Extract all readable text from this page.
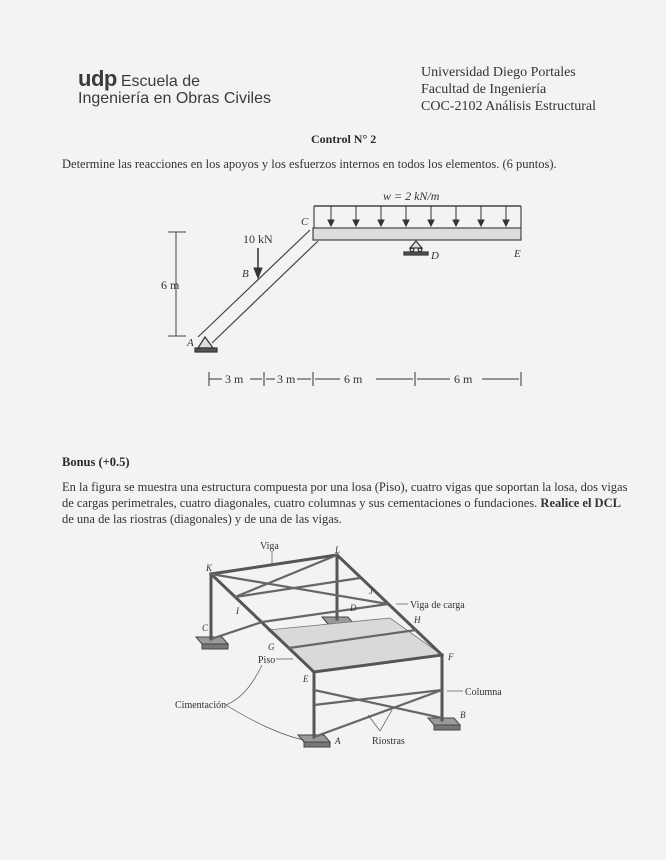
udp Escuela de
Ingeniería en Obras Civiles
Universidad Diego Portales
Facultad de Ingeniería
COC-2102 Análisis Estructural
Control N° 2
Determine las reacciones en los apoyos y los esfuerzos internos en todos los elementos. (6 puntos).
w = 2 kN/m
10 kN
6 m
A
B
C
D	E
3 m	3 m	6 m	6 m
Bonus (+0.5)
En la figura se muestra una estructura compuesta por una losa (Piso), cuatro vigas que soportan la losa, dos vigas de cargas perimetrales, cuatro diagonales, cuatro columnas y sus cementaciones o fundaciones. Realice el DCL de una de las riostras (diagonales) y de una de las vigas.
Viga
K
L
J
I	D	Viga de carga
H
C
G
Piso	F
E
Columna
Cimentación
B
A	Riostras
